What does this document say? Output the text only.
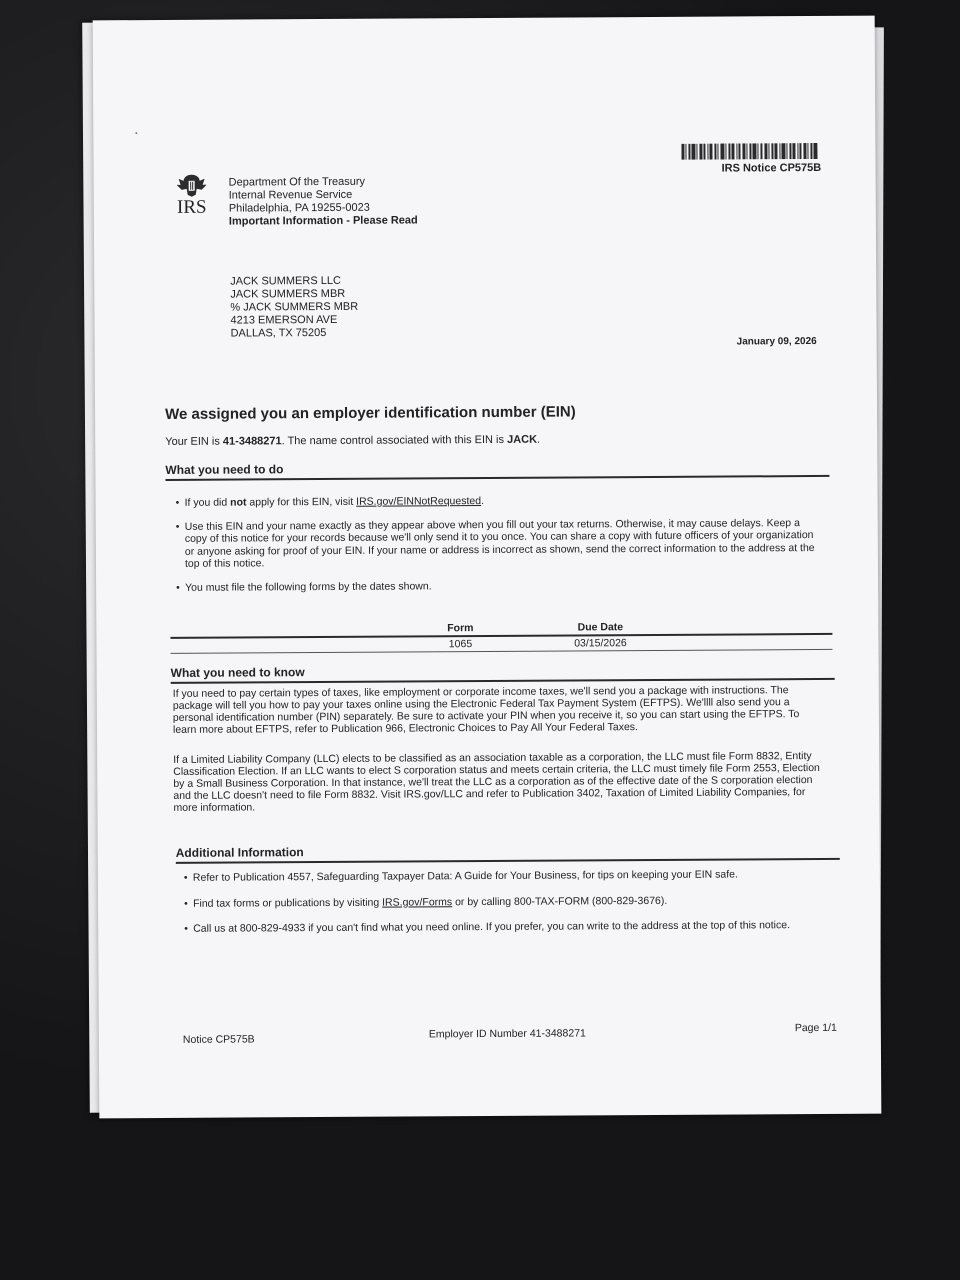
IRS
Department Of the Treasury
Internal Revenue Service
Philadelphia, PA 19255-0023
Important Information - Please Read
IRS Notice CP575B
JACK SUMMERS LLC
JACK SUMMERS MBR
% JACK SUMMERS MBR
4213 EMERSON AVE
DALLAS, TX 75205
January 09, 2026
We assigned you an employer identification number (EIN)
Your EIN is 41-3488271. The name control associated with this EIN is JACK.
What you need to do
• If you did not apply for this EIN, visit IRS.gov/EINNotRequested.
• Use this EIN and your name exactly as they appear above when you fill out your tax returns. Otherwise, it may cause delays. Keep a copy of this notice for your records because we'll only send it to you once. You can share a copy with future officers of your organization or anyone asking for proof of your EIN. If your name or address is incorrect as shown, send the correct information to the address at the top of this notice.
• You must file the following forms by the dates shown.
Form	Due Date
1065	03/15/2026
What you need to know
If you need to pay certain types of taxes, like employment or corporate income taxes, we'll send you a package with instructions. The package will tell you how to pay your taxes online using the Electronic Federal Tax Payment System (EFTPS). We'llll also send you a personal identification number (PIN) separately. Be sure to activate your PIN when you receive it, so you can start using the EFTPS. To learn more about EFTPS, refer to Publication 966, Electronic Choices to Pay All Your Federal Taxes.
If a Limited Liability Company (LLC) elects to be classified as an association taxable as a corporation, the LLC must file Form 8832, Entity Classification Election. If an LLC wants to elect S corporation status and meets certain criteria, the LLC must timely file Form 2553, Election by a Small Business Corporation. In that instance, we'll treat the LLC as a corporation as of the effective date of the S corporation election and the LLC doesn't need to file Form 8832. Visit IRS.gov/LLC and refer to Publication 3402, Taxation of Limited Liability Companies, for more information.
Additional Information
• Refer to Publication 4557, Safeguarding Taxpayer Data: A Guide for Your Business, for tips on keeping your EIN safe.
• Find tax forms or publications by visiting IRS.gov/Forms or by calling 800-TAX-FORM (800-829-3676).
• Call us at 800-829-4933 if you can't find what you need online. If you prefer, you can write to the address at the top of this notice.
Notice CP575B	Employer ID Number 41-3488271	Page 1/1
